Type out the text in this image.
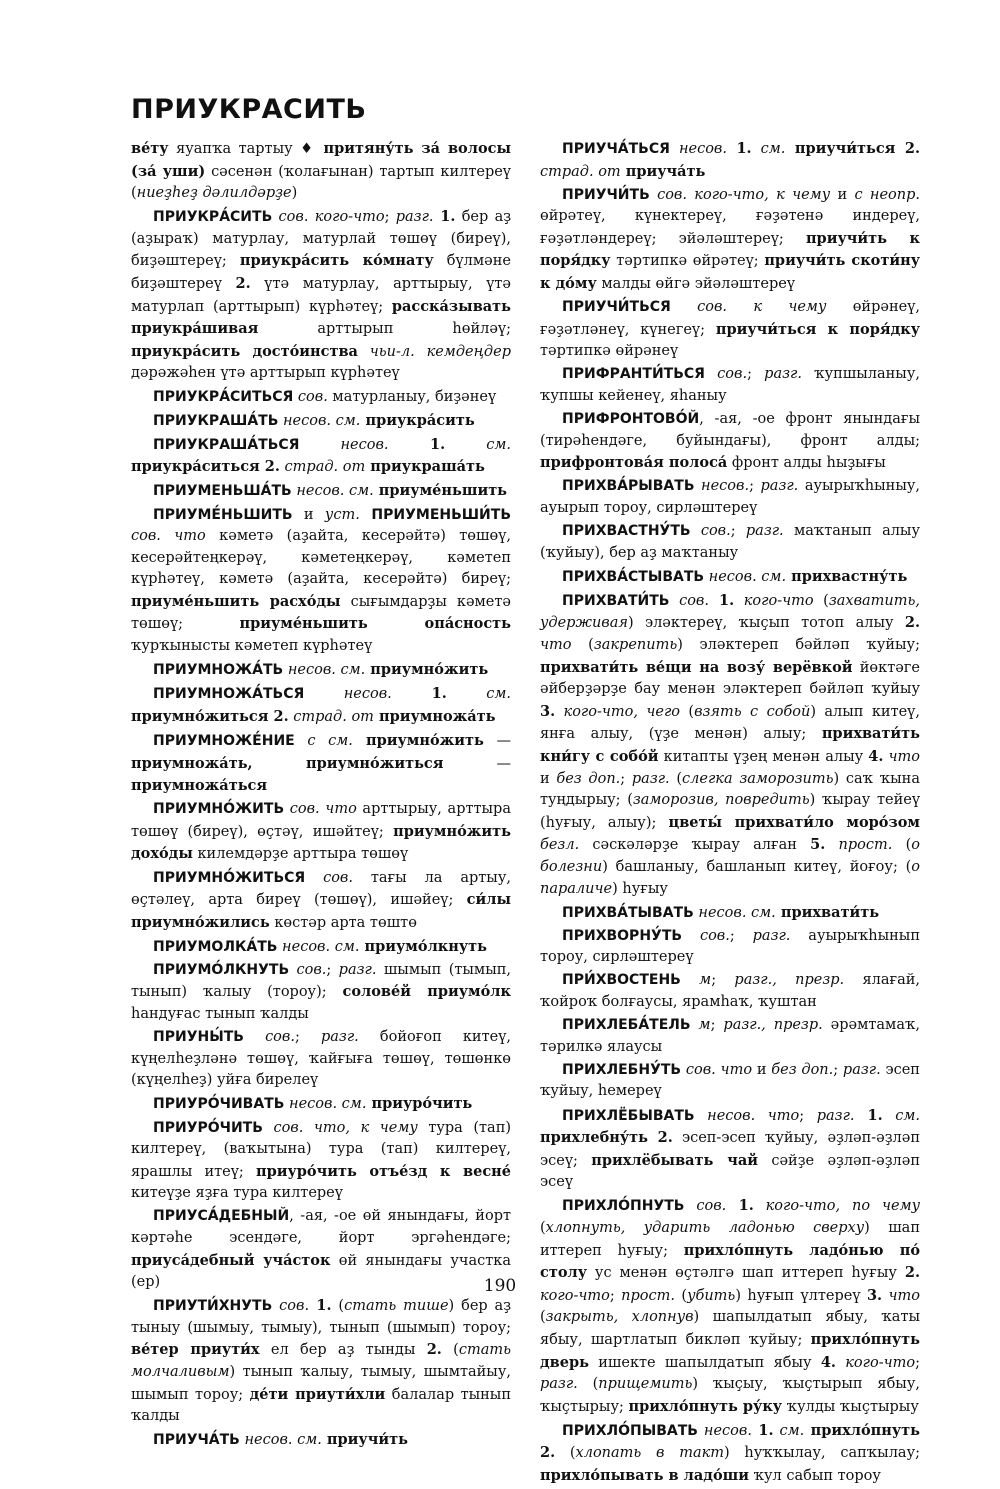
ПРИУКРАСИТЬ

ве́ту яуапҡа тартыу ♦ притяну́ть за́ волосы (за́ уши) сәсенән (ҡолағынан) тартып килтереү (ниеҙһеҙ дәлилдәрҙе)

ПРИУКРА́СИТЬ сов. кого-что; разг. 1. бер аҙ (аҙыраҡ) матурлау, матурлай төшөү (биреү), биҙәштереү; приукра́сить ко́мнату бүлмәне биҙәштереү 2. үтә матурлау, арттырыу, үтә матурлап (арттырып) күрһәтеү; расска́зывать приукра́шивая арттырып һөйләү; приукра́сить досто́инства чьи-л. кемдеңдер дәрәжәһен үтә арттырып күрһәтеү

ПРИУКРА́СИТЬСЯ сов. матурланыу, биҙәнеү

ПРИУКРАША́ТЬ несов. см. приукра́сить

ПРИУКРАША́ТЬСЯ несов. 1. см. приукра́ситься 2. страд. от приукраша́ть

ПРИУМЕНЬША́ТЬ несов. см. приуме́ньшить

ПРИУМЕ́НЬШИТЬ и уст. ПРИУМЕНЬШИ́ТЬ сов. что кәметә (аҙайта, кесерәйтә) төшөү, кесерәйтеңкерәү, кәметеңкерәү, кәметеп күрһәтеү, кәметә (аҙайта, кесерәйтә) биреү; приуме́ньшить расхо́ды сығымдарҙы кәметә төшөү; приуме́ньшить опа́сность ҡурҡынысты кәметеп күрһәтеү

ПРИУМНОЖА́ТЬ несов. см. приумно́жить

ПРИУМНОЖА́ТЬСЯ несов. 1. см. приумно́житься 2. страд. от приумножа́ть

ПРИУМНОЖЕ́НИЕ с см. приумно́жить — приумножа́ть, приумно́житься — приумножа́ться

ПРИУМНО́ЖИТЬ сов. что арттырыу, арттыра төшөү (биреү), өҫтәү, ишәйтеү; приумно́жить дохо́ды килемдәрҙе арттыра төшөү

ПРИУМНО́ЖИТЬСЯ сов. тағы ла артыу, өҫтәлеү, арта биреү (төшөү), ишәйеү; си́лы приумно́жились көстәр арта төштө

ПРИУМОЛКА́ТЬ несов. см. приумо́лкнуть

ПРИУМО́ЛКНУТЬ сов.; разг. шымып (тымып, тынып) ҡалыу (тороу); солове́й приумо́лк һандуғас тынып ҡалды

ПРИУНЫ́ТЬ сов.; разг. бойоғоп китеү, күңелһеҙләнә төшөү, ҡайғыға төшөү, төшөнкө (күңелһеҙ) уйға бирелеү

ПРИУРО́ЧИВАТЬ несов. см. приуро́чить

ПРИУРО́ЧИТЬ сов. что, к чему тура (тап) килтереү, (ваҡытына) тура (тап) килтереү, ярашлы итеү; приуро́чить отъе́зд к весне́ китеүҙе яҙға тура килтереү

ПРИУСА́ДЕБНЫЙ, -ая, -ое өй янындағы, йорт кәртәһе эсендәге, йорт эргәһендәге; приуса́дебный уча́сток өй янындағы участка (ер)

ПРИУТИ́ХНУТЬ сов. 1. (стать тише) бер аҙ тыныу (шымыу, тымыу), тынып (шымып) тороу; ве́тер приути́х ел бер аҙ тынды 2. (стать молчаливым) тынып ҡалыу, тымыу, шымтайыу, шымып тороу; де́ти приути́хли балалар тынып ҡалды

ПРИУЧА́ТЬ несов. см. приучи́ть

ПРИУЧА́ТЬСЯ несов. 1. см. приучи́ться 2. страд. от приуча́ть

ПРИУЧИ́ТЬ сов. кого-что, к чему и с неопр. өйрәтеү, күнектереү, ғәҙәтенә индереү, ғәҙәтләндереү; эйәләштереү; приучи́ть к поря́дку тәртипкә өйрәтеү; приучи́ть скоти́ну к до́му малды өйгә эйәләштереү

ПРИУЧИ́ТЬСЯ сов. к чему өйрәнеү, ғәҙәтләнеү, күнегеү; приучи́ться к поря́дку тәртипкә өйрәнеү

ПРИФРАНТИ́ТЬСЯ сов.; разг. ҡупшыланыу, ҡупшы кейенеү, яһаныу

ПРИФРОНТОВО́Й, -ая, -ое фронт янындағы (тирәһендәге, буйындағы), фронт алды; прифронтова́я полоса́ фронт алды һыҙығы

ПРИХВА́РЫВАТЬ несов.; разг. ауырыҡһыныу, ауырып тороу, сирләштереү

ПРИХВАСТНУ́ТЬ сов.; разг. маҡтанып алыу (ҡуйыу), бер аҙ маҡтаныу

ПРИХВА́СТЫВАТЬ несов. см. прихвастну́ть

ПРИХВАТИ́ТЬ сов. 1. кого-что (захватить, удерживая) эләктереү, ҡыҫып тотоп алыу 2. что (закрепить) эләктереп бәйләп ҡуйыу; прихвати́ть ве́щи на возу́ верёвкой йөктәге әйберҙәрҙе бау менән эләктереп бәйләп ҡуйыу 3. кого-что, чего (взять с собой) алып китеү, янға алыу, (үҙе менән) алыу; прихвати́ть кни́гу с собо́й китапты үҙең менән алыу 4. что и без доп.; разг. (слегка заморозить) саҡ ҡына туңдырыу; (заморозив, повредить) ҡырау тейеү (һуғыу, алыу); цветы́ прихвати́ло моро́зом безл. сәскәләрҙе ҡырау алған 5. прост. (о болезни) башланыу, башланып китеү, йоғоу; (о параличе) һуғыу

ПРИХВА́ТЫВАТЬ несов. см. прихвати́ть

ПРИХВОРНУ́ТЬ сов.; разг. ауырыҡһынып тороу, сирләштереү

ПРИ́ХВОСТЕНЬ м; разг., презр. ялағай, ҡойроҡ болғаусы, ярамһаҡ, ҡуштан

ПРИХЛЕБА́ТЕЛЬ м; разг., презр. әрәмтамаҡ, тәрилкә ялаусы

ПРИХЛЕБНУ́ТЬ сов. что и без доп.; разг. эсеп ҡуйыу, һемереү

ПРИХЛЁБЫВАТЬ несов. что; разг. 1. см. прихлебну́ть 2. эсеп-эсеп ҡуйыу, әҙләп-әҙләп эсеү; прихлёбывать чай сәйҙе әҙләп-әҙләп эсеү

ПРИХЛО́ПНУТЬ сов. 1. кого-что, по чему (хлопнуть, ударить ладонью сверху) шап иттереп һуғыу; прихло́пнуть ладо́нью по́ столу ус менән өҫтәлгә шап иттереп һуғыу 2. кого-что; прост. (убить) һуғып үлтереү 3. что (закрыть, хлопнув) шапылдатып ябыу, ҡаты ябыу, шартлатып бикләп ҡуйыу; прихло́пнуть дверь ишекте шапылдатып ябыу 4. кого-что; разг. (прищемить) ҡыҫыу, ҡыҫтырып ябыу, ҡыҫтырыу; прихло́пнуть ру́ку ҡулды ҡыҫтырыу

ПРИХЛО́ПЫВАТЬ несов. 1. см. прихло́пнуть 2. (хлопать в такт) һуҡҡылау, сапҡылау; прихло́пывать в ладо́ши ҡул сабып тороу

190
